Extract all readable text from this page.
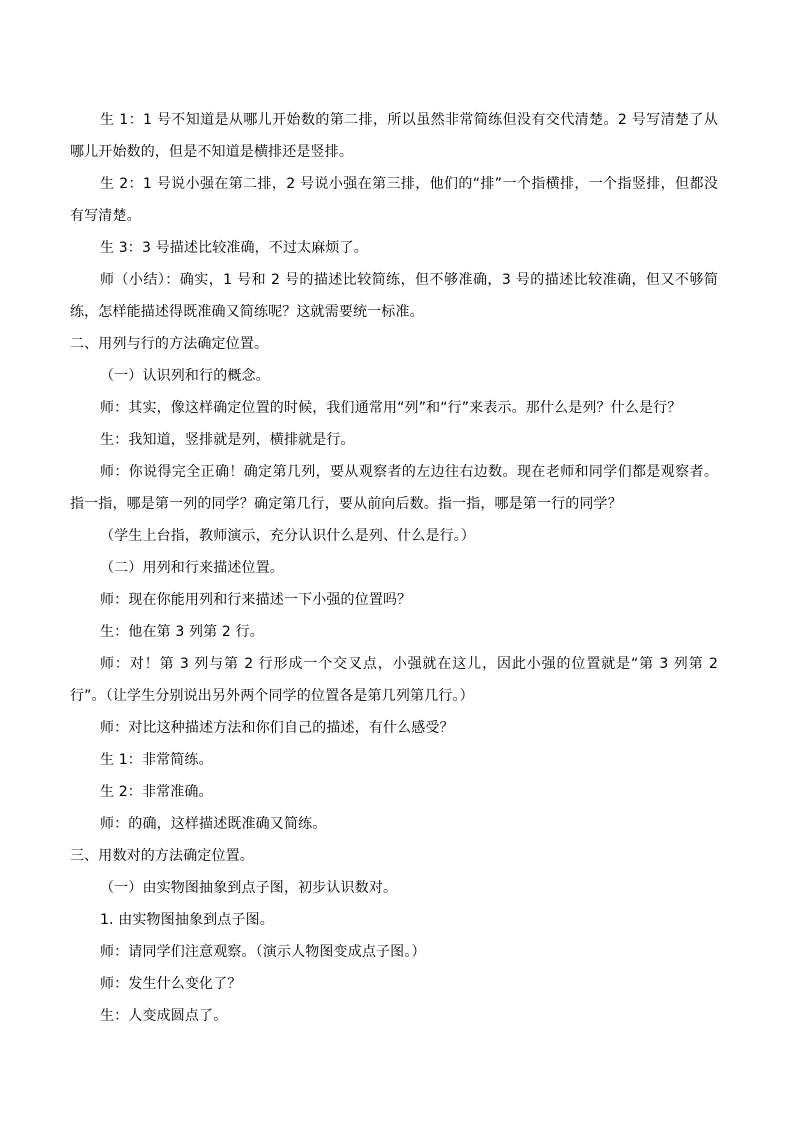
生 1：1 号不知道是从哪儿开始数的第二排，所以虽然非常简练但没有交代清楚。2 号写清楚了从哪儿开始数的，但是不知道是横排还是竖排。

生 2：1 号说小强在第二排，2 号说小强在第三排，他们的“排”一个指横排，一个指竖排，但都没有写清楚。

生 3：3 号描述比较准确，不过太麻烦了。

师（小结）：确实，1 号和 2 号的描述比较简练，但不够准确，3 号的描述比较准确，但又不够简练，怎样能描述得既准确又简练呢？这就需要统一标准。

二、用列与行的方法确定位置。

（一）认识列和行的概念。

师：其实，像这样确定位置的时候，我们通常用“列”和“行”来表示。那什么是列？什么是行？

生：我知道，竖排就是列，横排就是行。

师：你说得完全正确！确定第几列，要从观察者的左边往右边数。现在老师和同学们都是观察者。指一指，哪是第一列的同学？确定第几行，要从前向后数。指一指，哪是第一行的同学？

（学生上台指，教师演示，充分认识什么是列、什么是行。）

（二）用列和行来描述位置。

师：现在你能用列和行来描述一下小强的位置吗？

生：他在第 3 列第 2 行。

师：对！第 3 列与第 2 行形成一个交叉点，小强就在这儿，因此小强的位置就是“第 3 列第 2 行”。（让学生分别说出另外两个同学的位置各是第几列第几行。）

师：对比这种描述方法和你们自己的描述，有什么感受？

生 1：非常简练。

生 2：非常准确。

师：的确，这样描述既准确又简练。

三、用数对的方法确定位置。

（一）由实物图抽象到点子图，初步认识数对。

1. 由实物图抽象到点子图。

师：请同学们注意观察。（演示人物图变成点子图。）

师：发生什么变化了？

生：人变成圆点了。
